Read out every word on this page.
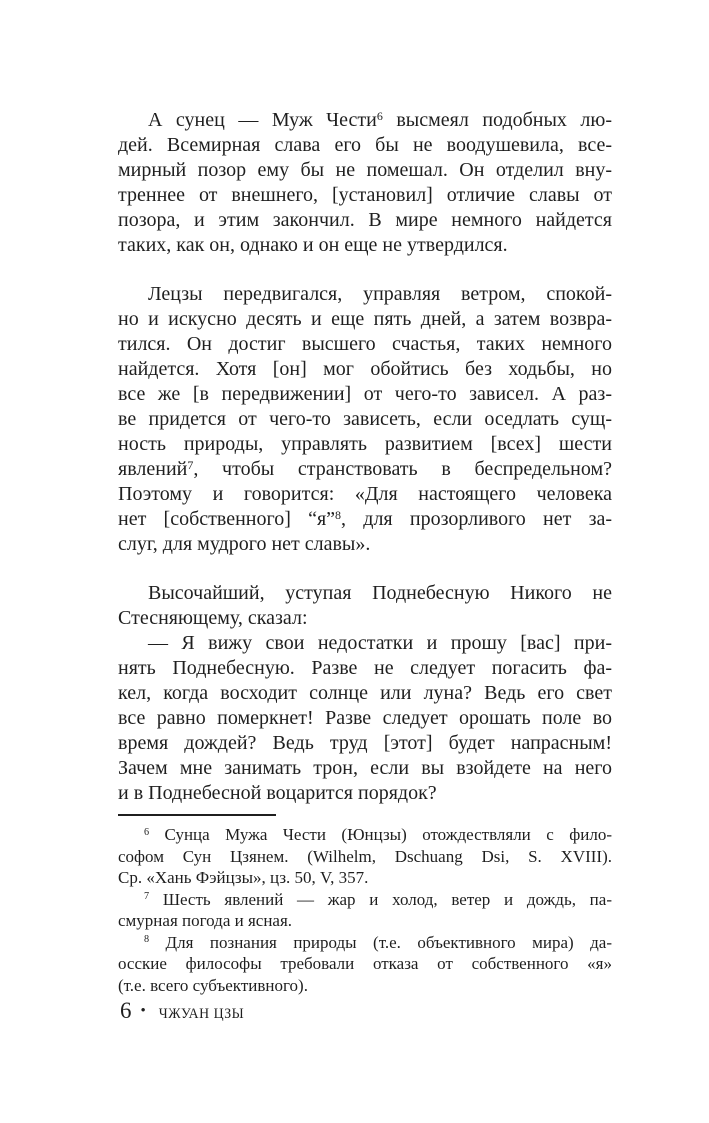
А сунец — Муж Чести$^6$ высмеял подобных лю-
дей. Всемирная слава его бы не воодушевила, все-
мирный позор ему бы не помешал. Он отделил вну-
треннее от внешнего, [установил] отличие славы от
позора, и этим закончил. В мире немного найдется
таких, как он, однако и он еще не утвердился.
Лецзы передвигался, управляя ветром, спокой-
но и искусно десять и еще пять дней, а затем возвра-
тился. Он достиг высшего счастья, таких немного
найдется. Хотя [он] мог обойтись без ходьбы, но
все же [в передвижении] от чего-то зависел. А раз-
ве придется от чего-то зависеть, если оседлать сущ-
ность природы, управлять развитием [всех] шести
явлений$^7$, чтобы странствовать в беспредельном?
Поэтому и говорится: «Для настоящего человека
нет [собственного] “я”$^8$, для прозорливого нет за-
слуг, для мудрого нет славы».
Высочайший, уступая Поднебесную Никого не
Стесняющему, сказал:
— Я вижу свои недостатки и прошу [вас] при-
нять Поднебесную. Разве не следует погасить фа-
кел, когда восходит солнце или луна? Ведь его свет
все равно померкнет! Разве следует орошать поле во
время дождей? Ведь труд [этот] будет напрасным!
Зачем мне занимать трон, если вы взойдете на него
и в Поднебесной воцарится порядок?
$^6$ Сунца Мужа Чести (Юнцзы) отождествляли с фило-
софом Сун Цзянем. (Wilhelm, Dschuang Dsi, S. XVIII).
Ср. «Хань Фэйцзы», цз. 50, V, 357.
$^7$ Шесть явлений — жар и холод, ветер и дождь, па-
смурная погода и ясная.
$^8$ Для познания природы (т.е. объективного мира) да-
осские философы требовали отказа от собственного «я»
(т.е. всего субъективного).
6 • ЧЖУАН ЦЗЫ
